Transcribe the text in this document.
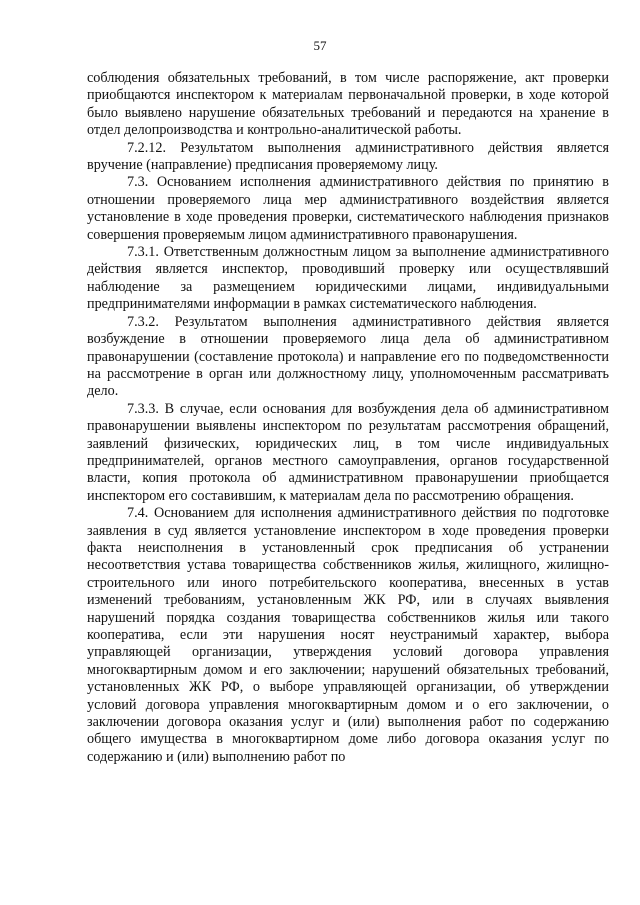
57

соблюдения обязательных требований, в том числе распоряжение, акт проверки приобщаются инспектором к материалам первоначальной проверки, в ходе которой было выявлено нарушение обязательных требований и передаются на хранение в отдел делопроизводства и контрольно-аналитической работы.

7.2.12. Результатом выполнения административного действия является вручение (направление) предписания проверяемому лицу.

7.3. Основанием исполнения административного действия по принятию в отношении проверяемого лица мер административного воздействия является установление в ходе проведения проверки, систематического наблюдения признаков совершения проверяемым лицом административного правонарушения.

7.3.1. Ответственным должностным лицом за выполнение административного действия является инспектор, проводивший проверку или осуществлявший наблюдение за размещением юридическими лицами, индивидуальными предпринимателями информации в рамках систематического наблюдения.

7.3.2. Результатом выполнения административного действия является возбуждение в отношении проверяемого лица дела об административном правонарушении (составление протокола) и направление его по подведомственности на рассмотрение в орган или должностному лицу, уполномоченным рассматривать дело.

7.3.3. В случае, если основания для возбуждения дела об административном правонарушении выявлены инспектором по результатам рассмотрения обращений, заявлений физических, юридических лиц, в том числе индивидуальных предпринимателей, органов местного самоуправления, органов государственной власти, копия протокола об административном правонарушении приобщается инспектором его составившим, к материалам дела по рассмотрению обращения.

7.4. Основанием для исполнения административного действия по подготовке заявления в суд является установление инспектором в ходе проведения проверки факта неисполнения в установленный срок предписания об устранении несоответствия устава товарищества собственников жилья, жилищного, жилищно-строительного или иного потребительского кооператива, внесенных в устав изменений требованиям, установленным ЖК РФ, или в случаях выявления нарушений порядка создания товарищества собственников жилья или такого кооператива, если эти нарушения носят неустранимый характер, выбора управляющей организации, утверждения условий договора управления многоквартирным домом и его заключении; нарушений обязательных требований, установленных ЖК РФ, о выборе управляющей организации, об утверждении условий договора управления многоквартирным домом и о его заключении, о заключении договора оказания услуг и (или) выполнения работ по содержанию общего имущества в многоквартирном доме либо договора оказания услуг по содержанию и (или) выполнению работ по
